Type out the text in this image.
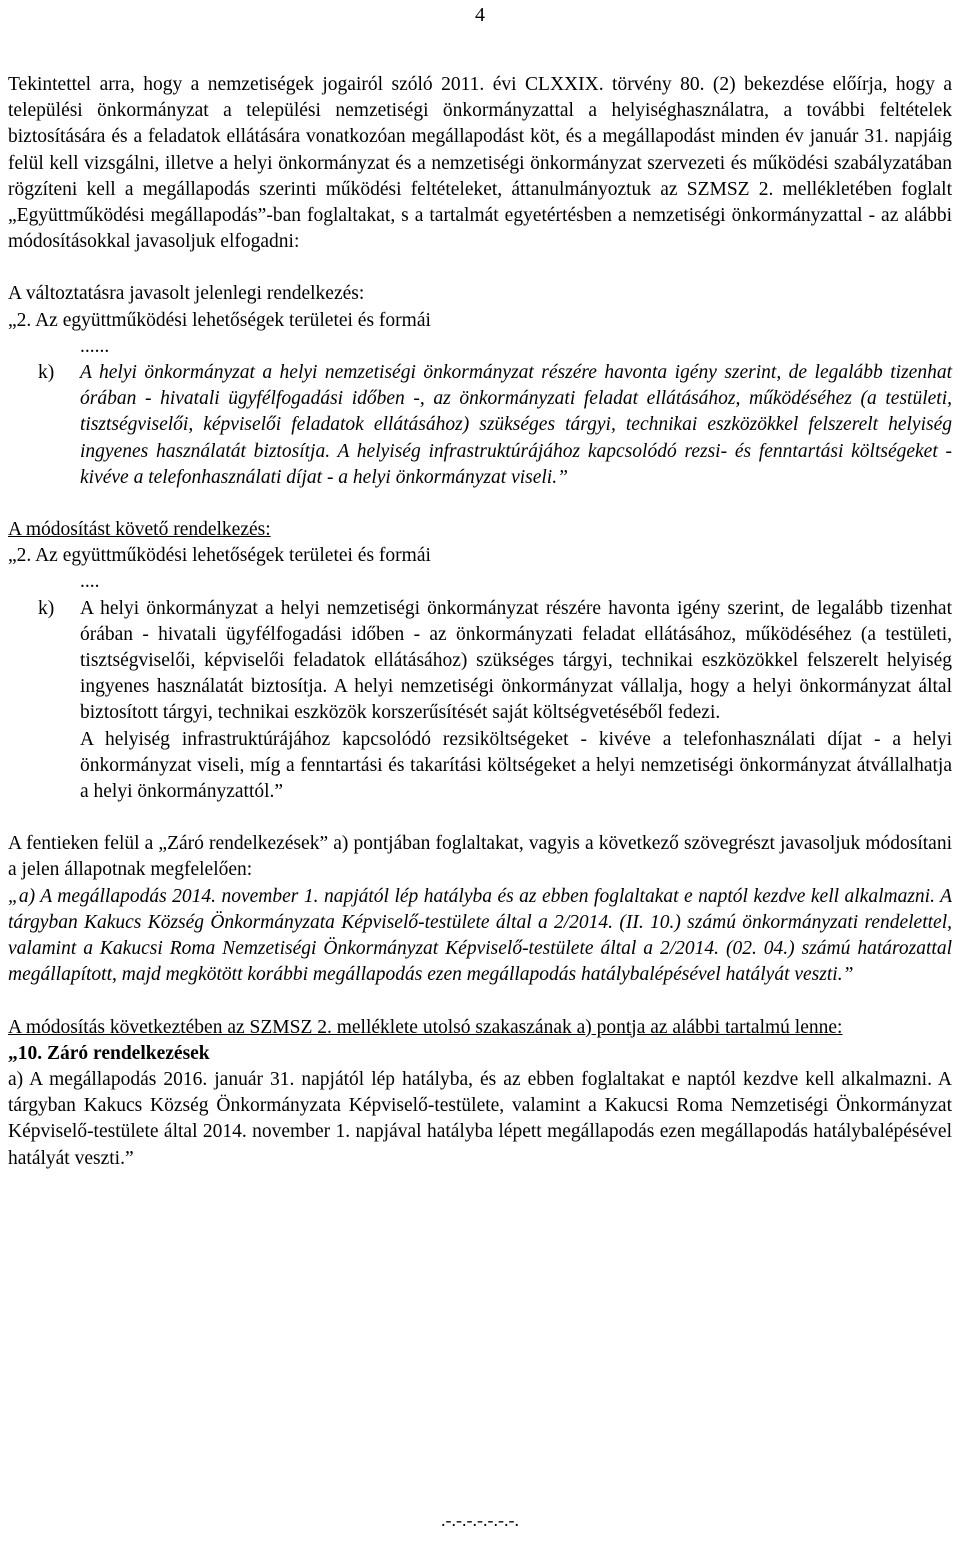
4

Tekintettel arra, hogy a nemzetiségek jogairól szóló 2011. évi CLXXIX. törvény 80. (2) bekezdése előírja, hogy a települési önkormányzat a települési nemzetiségi önkormányzattal a helyiséghasználatra, a további feltételek biztosítására és a feladatok ellátására vonatkozóan megállapodást köt, és a megállapodást minden év január 31. napjáig felül kell vizsgálni, illetve a helyi önkormányzat és a nemzetiségi önkormányzat szervezeti és működési szabályzatában rögzíteni kell a megállapodás szerinti működési feltételeket, áttanulmányoztuk az SZMSZ 2. mellékletében foglalt „Együttműködési megállapodás”-ban foglaltakat, s a tartalmát egyetértésben a nemzetiségi önkormányzattal - az alábbi módosításokkal javasoljuk elfogadni:

A változtatásra javasolt jelenlegi rendelkezés:

„2. Az együttműködési lehetőségek területei és formái

......

k)	A helyi önkormányzat a helyi nemzetiségi önkormányzat részére havonta igény szerint, de legalább tizenhat órában - hivatali ügyfélfogadási időben -, az önkormányzati feladat ellátásához, működéséhez (a testületi, tisztségviselői, képviselői feladatok ellátásához) szükséges tárgyi, technikai eszközökkel felszerelt helyiség ingyenes használatát biztosítja. A helyiség infrastruktúrájához kapcsolódó rezsi- és fenntartási költségeket - kivéve a telefonhasználati díjat - a helyi önkormányzat viseli.”

A módosítást követő rendelkezés:

„2. Az együttműködési lehetőségek területei és formái

....

k)	A helyi önkormányzat a helyi nemzetiségi önkormányzat részére havonta igény szerint, de legalább tizenhat órában - hivatali ügyfélfogadási időben - az önkormányzati feladat ellátásához, működéséhez (a testületi, tisztségviselői, képviselői feladatok ellátásához) szükséges tárgyi, technikai eszközökkel felszerelt helyiség ingyenes használatát biztosítja. A helyi nemzetiségi önkormányzat vállalja, hogy a helyi önkormányzat által biztosított tárgyi, technikai eszközök korszerűsítését saját költségvetéséből fedezi.

A helyiség infrastruktúrájához kapcsolódó rezsiköltségeket - kivéve a telefonhasználati díjat - a helyi önkormányzat viseli, míg a fenntartási és takarítási költségeket a helyi nemzetiségi önkormányzat átvállalhatja a helyi önkormányzattól.”

A fentieken felül a „Záró rendelkezések” a) pontjában foglaltakat, vagyis a következő szövegrészt javasoljuk módosítani a jelen állapotnak megfelelően:

„a) A megállapodás 2014. november 1. napjától lép hatályba és az ebben foglaltakat e naptól kezdve kell alkalmazni. A tárgyban Kakucs Község Önkormányzata Képviselő-testülete által a 2/2014. (II. 10.) számú önkormányzati rendelettel, valamint a Kakucsi Roma Nemzetiségi Önkormányzat Képviselő-testülete által a 2/2014. (02. 04.) számú határozattal megállapított, majd megkötött korábbi megállapodás ezen megállapodás hatálybalépésével hatályát veszti.”

A módosítás következtében az SZMSZ 2. melléklete utolsó szakaszának a) pontja az alábbi tartalmú lenne:

„10. Záró rendelkezések

a) A megállapodás 2016. január 31. napjától lép hatályba, és az ebben foglaltakat e naptól kezdve kell alkalmazni. A tárgyban Kakucs Község Önkormányzata Képviselő-testülete, valamint a Kakucsi Roma Nemzetiségi Önkormányzat Képviselő-testülete által 2014. november 1. napjával hatályba lépett megállapodás ezen megállapodás hatálybalépésével hatályát veszti.”

.-.-.-.-.-.-.-.
